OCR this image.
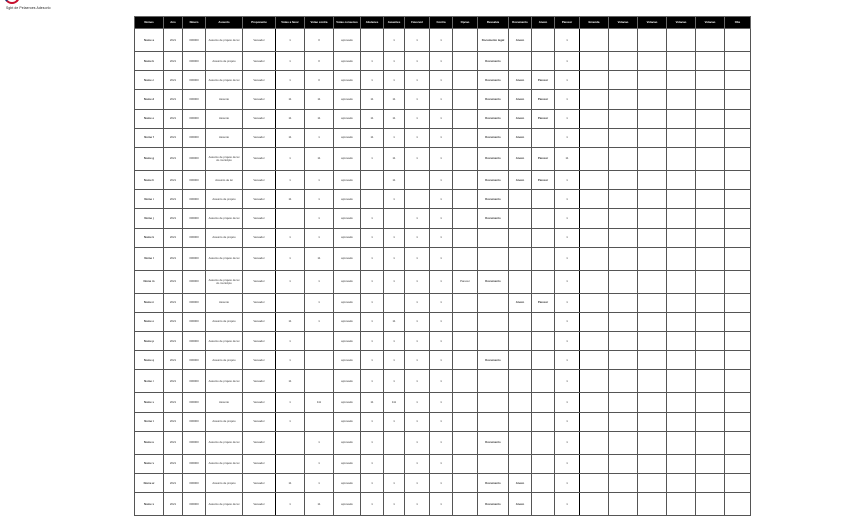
Sgbt de Pelaeroes Adesorlo
Nomes	Ano	Nmero	Assunto	Proponente	Votao a favor	Votao contra	Votao consenso	Abstenes	Ausentes	Favorvel	Contra	Opcao	Ressalva	Documento	Anexo	Parecer	Emenda	Votacao	Votacao	Votacao	Votacao	Obs
Nome a	2021	000000	Assunto de projeto de lei	Vereador	1	0	aprovado		1	1	1		Documento legal	Anexo		1						
Nome b	2021	000000	Assunto de projeto	Vereador	1	0	aprovado	1	1	1	1		Documento			1						
Nome c	2021	000000	Assunto de projeto de lei	Vereador	1	0	aprovado	1	1	1	1		Documento	Anexo	Parecer	1						
Nome d	2021	000000	Assunto	Vereador	11	11	aprovado	11	11	1	1		Documento	Anexo	Parecer	1						
Nome e	2021	000000	Assunto	Vereador	11	11	aprovado	11	11	1	1		Documento	Anexo	Parecer	1						
Nome f	2021	000000	Assunto	Vereador	11	1	aprovado	11	1	1	1		Documento	Anexo		1						
Nome g	2021	000000	Assunto de projeto de lei do municipio	Vereador	1	11	aprovado	1	11	1	1		Documento	Anexo	Parecer	11						
Nome h	2021	000000	Assunto de lei	Vereador	1	1	aprovado		11		1		Documento	Anexo	Parecer	1						
Nome i	2021	000000	Assunto de projeto	Vereador	11	1	aprovado		1		1		Documento			1						
Nome j	2021	000000	Assunto de projeto de lei	Vereador		1	aprovado	1		1	1		Documento			1						
Nome k	2021	000000	Assunto de projeto	Vereador	1	1	aprovado	1	1	1	1					1						
Nome l	2021	000000	Assunto de projeto de lei	Vereador	1	11	aprovado	1	1	1	1					1						
Nome m	2021	000000	Assunto de projeto de lei do municipio	Vereador	1	1	aprovado	1	1	1	1	Parecer	Documento			1						
Nome n	2021	000000	Assunto	Vereador		1	aprovado	1		1	1			Anexo	Parecer	1						
Nome o	2021	000000	Assunto de projeto	Vereador	11	1	aprovado	1	11	1	1					1						
Nome p	2021	000000	Assunto de projeto de lei	Vereador	1		aprovado	1	1	1	1					1						
Nome q	2021	000000	Assunto de projeto	Vereador	1		aprovado	1	1	1	1		Documento			1						
Nome r	2021	000000	Assunto de projeto de lei	Vereador	11		aprovado	1	1	1	1					1						
Nome s	2021	000000	Assunto	Vereador	1	111	aprovado	11	111	1	1					1						
Nome t	2021	000000	Assunto de projeto	Vereador	1		aprovado	1	1	1	1					1						
Nome u	2021	000000	Assunto de projeto de lei	Vereador		1	aprovado	1		1	1		Documento			1						
Nome v	2021	000000	Assunto de projeto de lei	Vereador		1	aprovado	1		1	1					1						
Nome w	2021	000000	Assunto de projeto	Vereador	11	1	aprovado	1	1	1	1		Documento	Anexo		1						
Nome x	2021	000000	Assunto de projeto de lei	Vereador	1	11	aprovado	1	1	1	1		Documento	Anexo		1						
